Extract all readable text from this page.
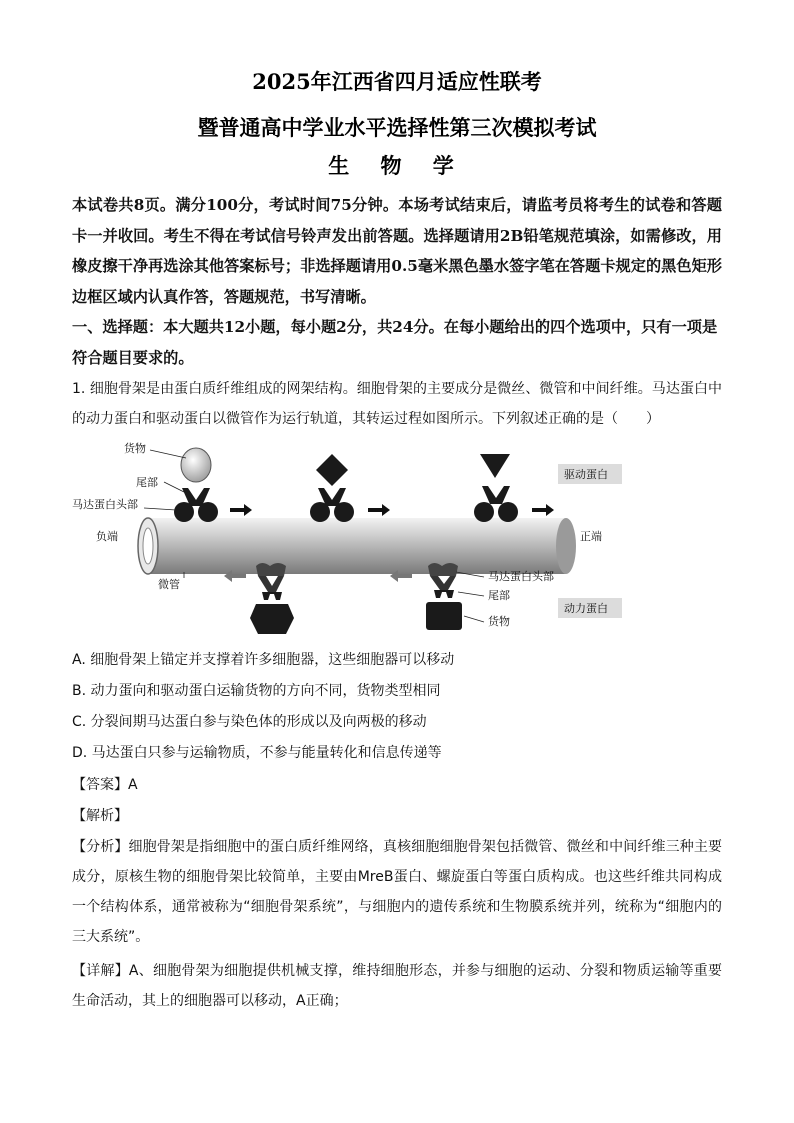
2025年江西省四月适应性联考
暨普通高中学业水平选择性第三次模拟考试
生 物 学
本试卷共8页。满分100分，考试时间75分钟。本场考试结束后，请监考员将考生的试卷和答题卡一并收回。考生不得在考试信号铃声发出前答题。选择题请用2B铅笔规范填涂，如需修改，用橡皮擦干净再选涂其他答案标号；非选择题请用0.5毫米黑色墨水签字笔在答题卡规定的黑色矩形边框区域内认真作答，答题规范，书写清晰。
一、选择题：本大题共12小题，每小题2分，共24分。在每小题给出的四个选项中，只有一项是符合题目要求的。
1. 细胞骨架是由蛋白质纤维组成的网架结构。细胞骨架的主要成分是微丝、微管和中间纤维。马达蛋白中的动力蛋白和驱动蛋白以微管作为运行轨道，其转运过程如图所示。下列叙述正确的是（　　）
货物
尾部
马达蛋白头部
驱动蛋白
负端	正端
微管
马达蛋白头部
尾部
动力蛋白
货物
A. 细胞骨架上锚定并支撑着许多细胞器，这些细胞器可以移动
B. 动力蛋向和驱动蛋白运输货物的方向不同，货物类型相同
C. 分裂间期马达蛋白参与染色体的形成以及向两极的移动
D. 马达蛋白只参与运输物质，不参与能量转化和信息传递等
【答案】A
【解析】
【分析】细胞骨架是指细胞中的蛋白质纤维网络，真核细胞细胞骨架包括微管、微丝和中间纤维三种主要成分，原核生物的细胞骨架比较简单，主要由MreB蛋白、螺旋蛋白等蛋白质构成。也这些纤维共同构成一个结构体系，通常被称为“细胞骨架系统”，与细胞内的遗传系统和生物膜系统并列，统称为“细胞内的三大系统”。
【详解】A、细胞骨架为细胞提供机械支撑，维持细胞形态，并参与细胞的运动、分裂和物质运输等重要生命活动，其上的细胞器可以移动，A正确；
